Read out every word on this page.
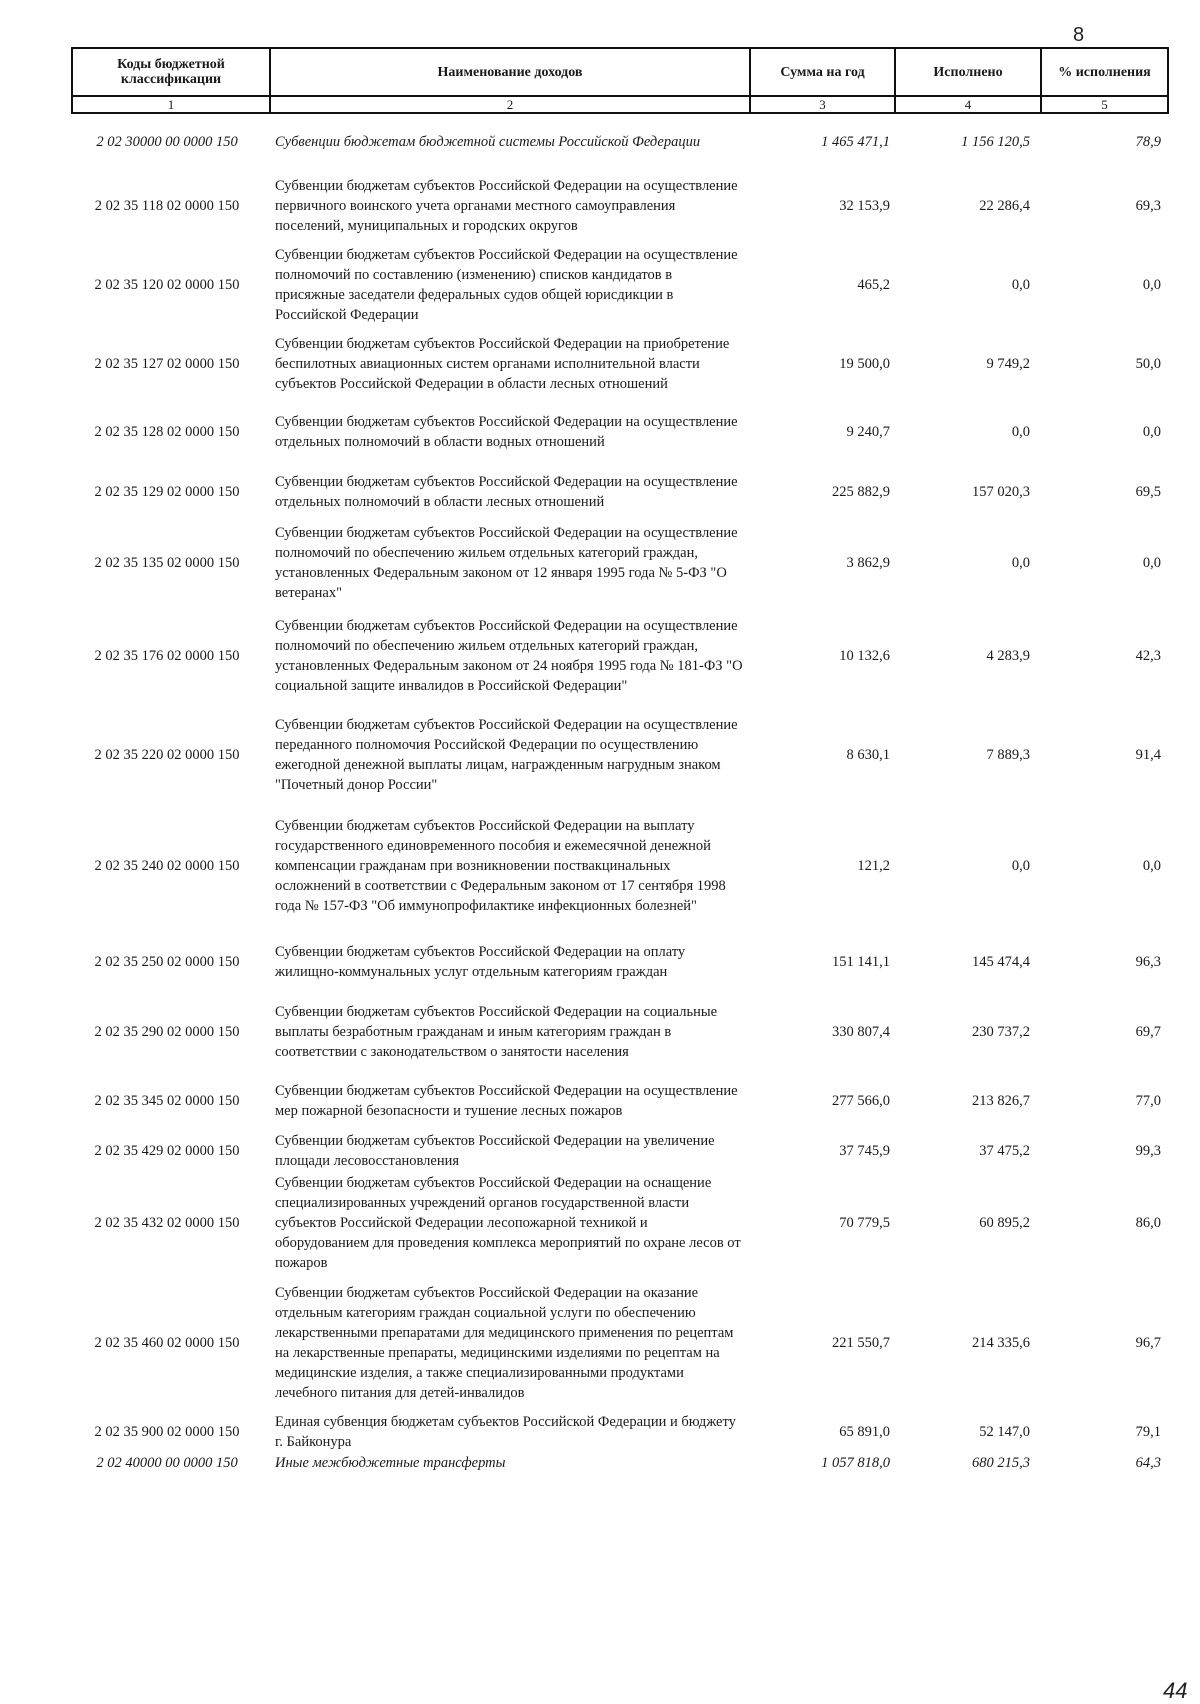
8
Коды бюджетной классификации	Наименование доходов	Сумма на год	Исполнено	% исполнения
1	2	3	4	5
2 02 30000 00 0000 150	Субвенции бюджетам бюджетной системы Российской Федерации	1 465 471,1	1 156 120,5	78,9
2 02 35 118 02 0000 150	Субвенции бюджетам субъектов Российской Федерации на осуществление первичного воинского учета органами местного самоуправления поселений, муниципальных и городских округов	32 153,9	22 286,4	69,3
2 02 35 120 02 0000 150	Субвенции бюджетам субъектов Российской Федерации на осуществление полномочий по составлению (изменению) списков кандидатов в присяжные заседатели федеральных судов общей юрисдикции в Российской Федерации	465,2	0,0	0,0
2 02 35 127 02 0000 150	Субвенции бюджетам субъектов Российской Федерации на приобретение беспилотных авиационных систем органами исполнительной власти субъектов Российской Федерации в области лесных отношений	19 500,0	9 749,2	50,0
2 02 35 128 02 0000 150	Субвенции бюджетам субъектов Российской Федерации на осуществление отдельных полномочий в области водных отношений	9 240,7	0,0	0,0
2 02 35 129 02 0000 150	Субвенции бюджетам субъектов Российской Федерации на осуществление отдельных полномочий в области лесных отношений	225 882,9	157 020,3	69,5
2 02 35 135 02 0000 150	Субвенции бюджетам субъектов Российской Федерации на осуществление полномочий по обеспечению жильем отдельных категорий граждан, установленных Федеральным законом от 12 января 1995 года № 5-ФЗ "О ветеранах"	3 862,9	0,0	0,0
2 02 35 176 02 0000 150	Субвенции бюджетам субъектов Российской Федерации на осуществление полномочий по обеспечению жильем отдельных категорий граждан, установленных Федеральным законом от 24 ноября 1995 года № 181-ФЗ "О социальной защите инвалидов в Российской Федерации"	10 132,6	4 283,9	42,3
2 02 35 220 02 0000 150	Субвенции бюджетам субъектов Российской Федерации на осуществление переданного полномочия Российской Федерации по осуществлению ежегодной денежной выплаты лицам, награжденным нагрудным знаком "Почетный донор России"	8 630,1	7 889,3	91,4
2 02 35 240 02 0000 150	Субвенции бюджетам субъектов Российской Федерации на выплату государственного единовременного пособия и ежемесячной денежной компенсации гражданам при возникновении поствакцинальных осложнений в соответствии с Федеральным законом от 17 сентября 1998 года № 157-ФЗ "Об иммунопрофилактике инфекционных болезней"	121,2	0,0	0,0
2 02 35 250 02 0000 150	Субвенции бюджетам субъектов Российской Федерации на оплату жилищно-коммунальных услуг отдельным категориям граждан	151 141,1	145 474,4	96,3
2 02 35 290 02 0000 150	Субвенции бюджетам субъектов Российской Федерации на социальные выплаты безработным гражданам и иным категориям граждан в соответствии с законодательством о занятости населения	330 807,4	230 737,2	69,7
2 02 35 345 02 0000 150	Субвенции бюджетам субъектов Российской Федерации на осуществление мер пожарной безопасности и тушение лесных пожаров	277 566,0	213 826,7	77,0
2 02 35 429 02 0000 150	Субвенции бюджетам субъектов Российской Федерации на увеличение площади лесовосстановления	37 745,9	37 475,2	99,3
2 02 35 432 02 0000 150	Субвенции бюджетам субъектов Российской Федерации на оснащение специализированных учреждений органов государственной власти субъектов Российской Федерации лесопожарной техникой и оборудованием для проведения комплекса мероприятий по охране лесов от пожаров	70 779,5	60 895,2	86,0
2 02 35 460 02 0000 150	Субвенции бюджетам субъектов Российской Федерации на оказание отдельным категориям граждан социальной услуги по обеспечению лекарственными препаратами для медицинского применения по рецептам на лекарственные препараты, медицинскими изделиями по рецептам на медицинские изделия, а также специализированными продуктами лечебного питания для детей-инвалидов	221 550,7	214 335,6	96,7
2 02 35 900 02 0000 150	Единая субвенция бюджетам субъектов Российской Федерации и бюджету г. Байконура	65 891,0	52 147,0	79,1
2 02 40000 00 0000 150	Иные межбюджетные трансферты	1 057 818,0	680 215,3	64,3
44
